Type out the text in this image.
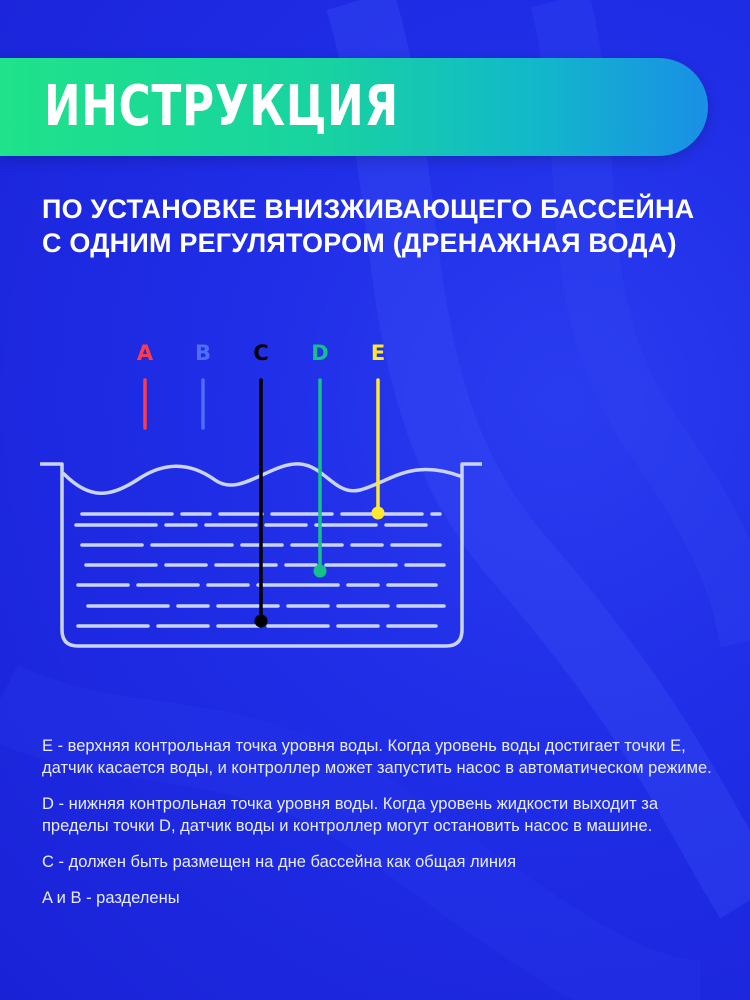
ИНСТРУКЦИЯ
ПО УСТАНОВКЕ ВНИЗЖИВАЮЩЕГО БАССЕЙНА
С ОДНИМ РЕГУЛЯТОРОМ (ДРЕНАЖНАЯ ВОДА)
A B C D E

E - верхняя контрольная точка уровня воды. Когда уровень воды достигает точки E, датчик касается воды, и контроллер может запустить насос в автоматическом режиме.

D - нижняя контрольная точка уровня воды. Когда уровень жидкости выходит за пределы точки D, датчик воды и контроллер могут остановить насос в машине.

C - должен быть размещен на дне бассейна как общая линия

A и B - разделены
